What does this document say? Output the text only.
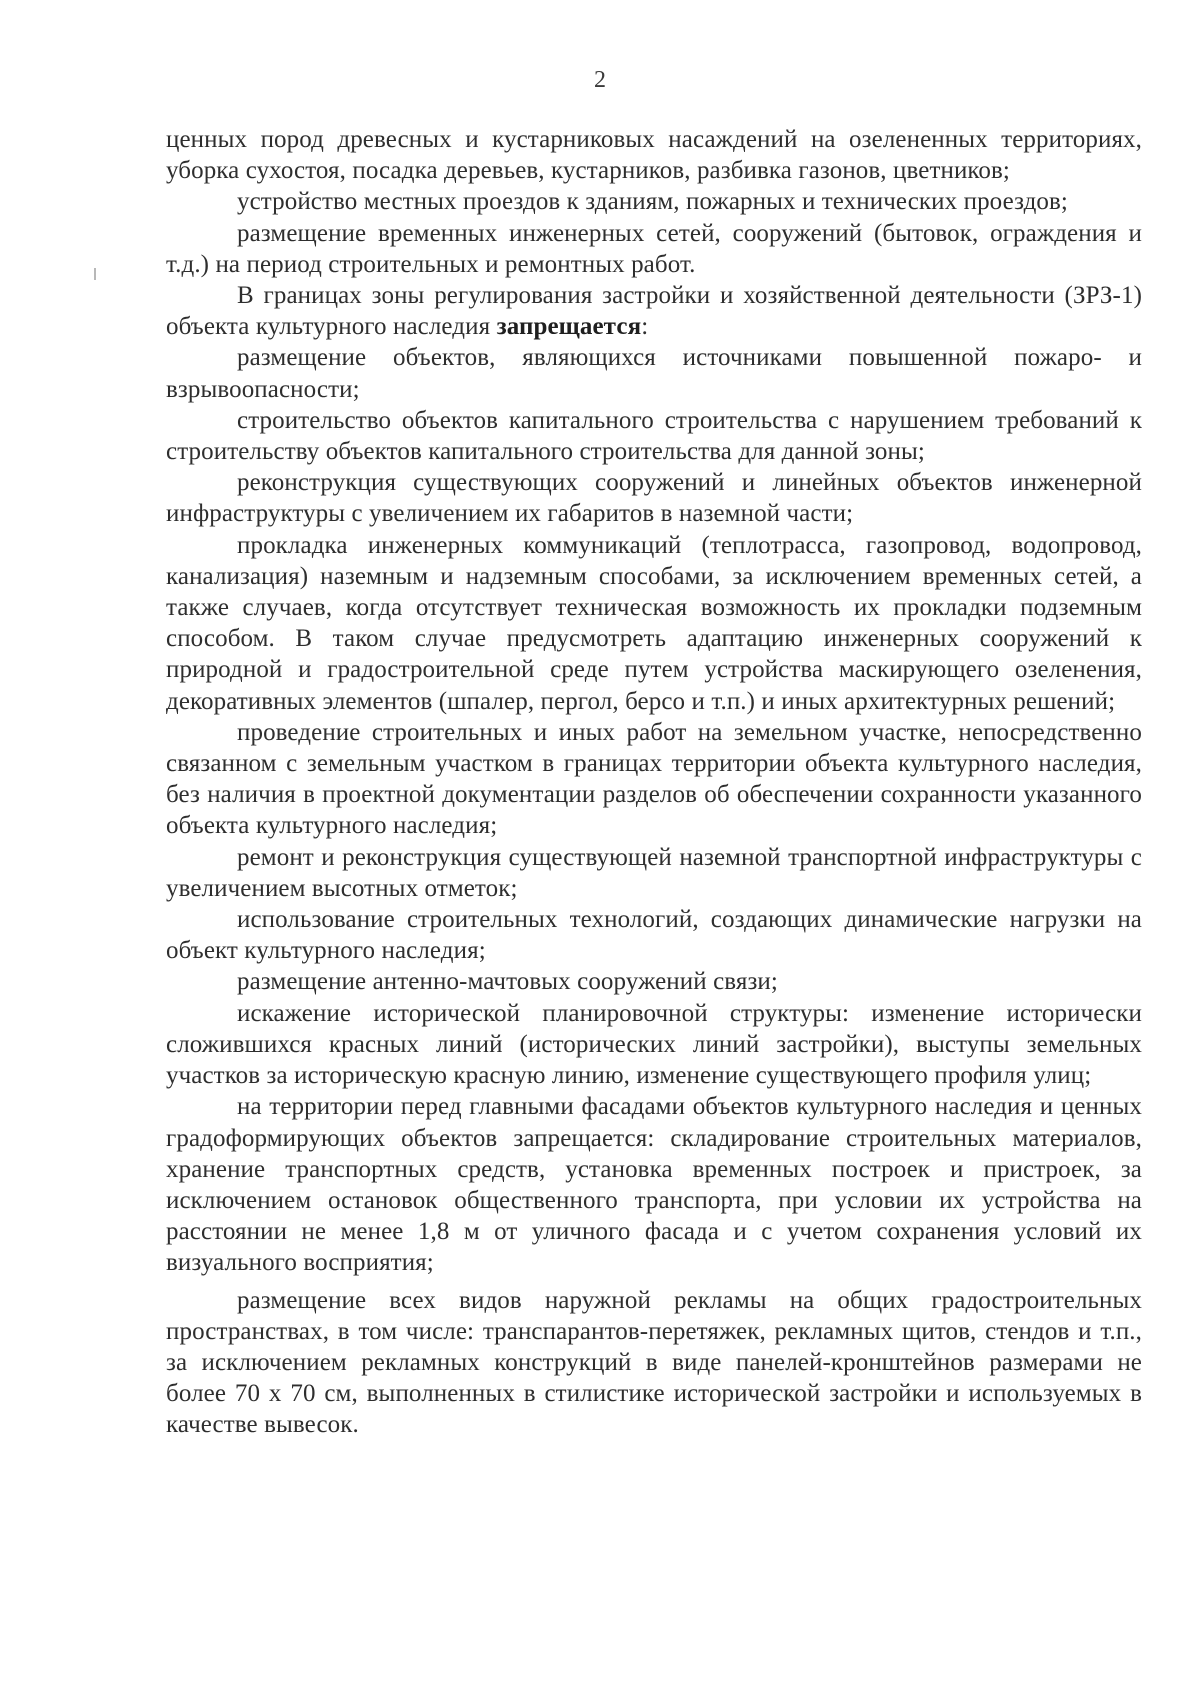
2

ценных пород древесных и кустарниковых насаждений на озелененных территориях, уборка сухостоя, посадка деревьев, кустарников, разбивка газонов, цветников;

устройство местных проездов к зданиям, пожарных и технических проездов;

размещение временных инженерных сетей, сооружений (бытовок, ограждения и т.д.) на период строительных и ремонтных работ.

В границах зоны регулирования застройки и хозяйственной деятельности (ЗРЗ-1) объекта культурного наследия запрещается:

размещение объектов, являющихся источниками повышенной пожаро- и взрывоопасности;

строительство объектов капитального строительства с нарушением требований к строительству объектов капитального строительства для данной зоны;

реконструкция существующих сооружений и линейных объектов инженерной инфраструктуры с увеличением их габаритов в наземной части;

прокладка инженерных коммуникаций (теплотрасса, газопровод, водопровод, канализация) наземным и надземным способами, за исключением временных сетей, а также случаев, когда отсутствует техническая возможность их прокладки подземным способом. В таком случае предусмотреть адаптацию инженерных сооружений к природной и градостроительной среде путем устройства маскирующего озеленения, декоративных элементов (шпалер, пергол, берсо и т.п.) и иных архитектурных решений;

проведение строительных и иных работ на земельном участке, непосредственно связанном с земельным участком в границах территории объекта культурного наследия, без наличия в проектной документации разделов об обеспечении сохранности указанного объекта культурного наследия;

ремонт и реконструкция существующей наземной транспортной инфраструктуры с увеличением высотных отметок;

использование строительных технологий, создающих динамические нагрузки на объект культурного наследия;

размещение антенно-мачтовых сооружений связи;

искажение исторической планировочной структуры: изменение исторически сложившихся красных линий (исторических линий застройки), выступы земельных участков за историческую красную линию, изменение существующего профиля улиц;

на территории перед главными фасадами объектов культурного наследия и ценных градоформирующих объектов запрещается: складирование строительных материалов, хранение транспортных средств, установка временных построек и пристроек, за исключением остановок общественного транспорта, при условии их устройства на расстоянии не менее 1,8 м от уличного фасада и с учетом сохранения условий их визуального восприятия;

размещение всех видов наружной рекламы на общих градостроительных пространствах, в том числе: транспарантов-перетяжек, рекламных щитов, стендов и т.п., за исключением рекламных конструкций в виде панелей-кронштейнов размерами не более 70 х 70 см, выполненных в стилистике исторической застройки и используемых в качестве вывесок.
